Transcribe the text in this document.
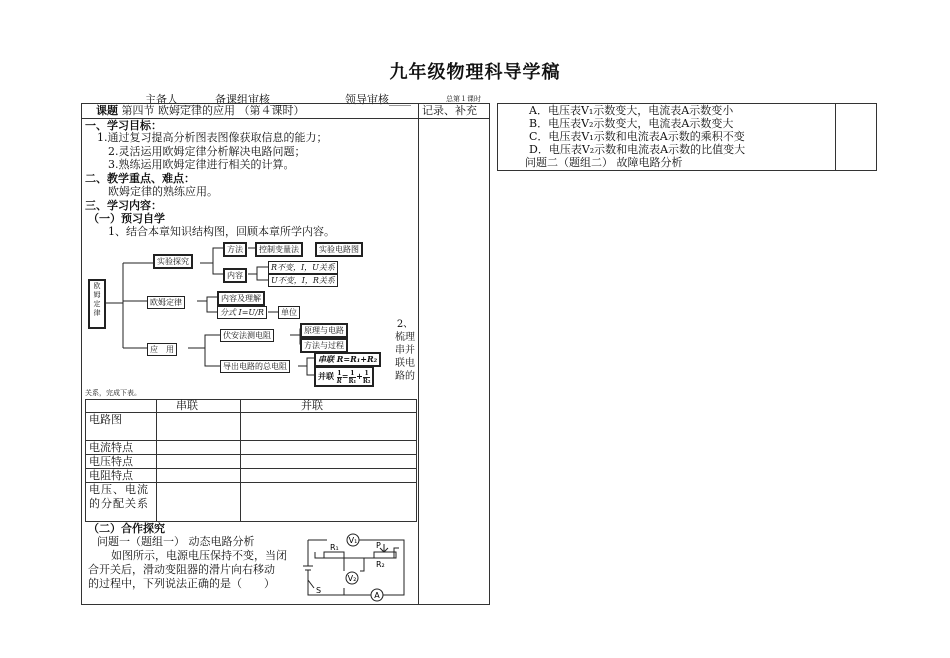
九年级物理科导学稿
主备人____ 备课组审核____	领导审核____	总第１课时
课题 第四节 欧姆定律的应用 （第４课时）	记录、补充
一、学习目标：
1.通过复习提高分析图表图像获取信息的能力；
2.灵活运用欧姆定律分析解决电路问题；
3.熟练运用欧姆定律进行相关的计算。
二、教学重点、难点：
欧姆定律的熟练应用。
三、学习内容：
（一）预习自学
1、结合本章知识结构图，回顾本章所学内容。
欧姆定律
实验探究
方法	控制变量法	实验电路图
内容
R不变，I，U关系
U不变，I，R关系
欧姆定律	内容及理解
分式 I=U/R	单位
应　用
伏安法测电阻
原理与电路
方法与过程
导出电路的总电阻
串联 R=R₁+R₂
并联 $\frac{1}{R} = \frac{1}{\text{R₁}} + \frac{1}{\text{R₂}}$
2、梳理串并联电路的
关系，完成下表。
串联	并联
电路图
电流特点
电压特点
电阻特点
电压、电流的分配关系
（二）合作探究
问题一（题组一） 动态电路分析
如图所示，电源电压保持不变，当闭
合开关后，滑动变阻器的滑片向右移动
的过程中，下列说法正确的是（　　）
V₁
V₂
A
R₁
R₂
P
S
A．电压表V₁示数变大，电流表A示数变小
B．电压表V₂示数变大，电流表A示数变大
C．电压表V₁示数和电流表A示数的乘积不变
D．电压表V₂示数和电流表A示数的比值变大
问题二（题组二） 故障电路分析
